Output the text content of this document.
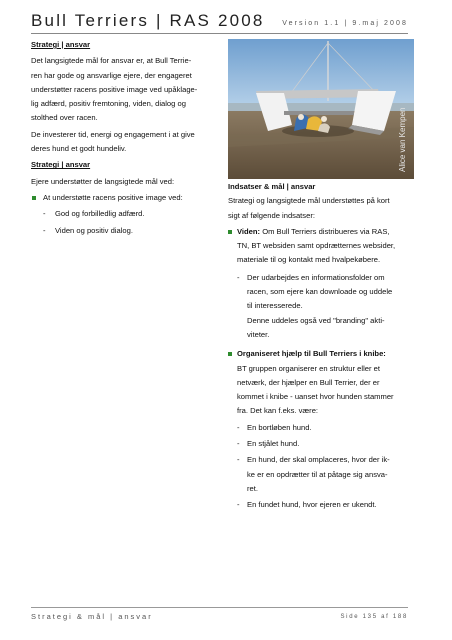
Bull Terriers | RAS 2008	Version 1.1 | 9.maj 2008

Strategi | ansvar

Det langsigtede mål for ansvar er, at Bull Terrie-
ren har gode og ansvarlige ejere, der engageret
understøtter racens positive image ved upåklage-
lig adfærd, positiv fremtoning, viden, dialog og
stolthed over racen.

De investerer tid, energi og engagement i at give
deres hund et godt hundeliv.

Strategi | ansvar

Ejere understøtter de langsigtede mål ved:

At understøtte racens positive image ved:

- God og forbilledlig adfærd.

- Viden og positiv dialog.

Alice van Kempen

Indsatser & mål | ansvar

Strategi og langsigtede mål understøttes på kort
sigt af følgende indsatser:

Viden: Om Bull Terriers distribueres via RAS,
TN, BT websiden samt opdrætternes websider,
materiale til og kontakt med hvalpekøbere.

- Der udarbejdes en informationsfolder om
racen, som ejere kan downloade og uddele
til interesserede.

Denne uddeles også ved "branding" akti-
viteter.

Organiseret hjælp til Bull Terriers i knibe:
BT gruppen organiserer en struktur eller et
netværk, der hjælper en Bull Terrier, der er
kommet i knibe - uanset hvor hunden stammer
fra. Det kan f.eks. være:

- En bortløben hund.

- En stjålet hund.

- En hund, der skal omplaceres, hvor der ik-
ke er en opdrætter til at påtage sig ansva-
ret.

- En fundet hund, hvor ejeren er ukendt.

Strategi & mål | ansvar	Side 135 af 188
